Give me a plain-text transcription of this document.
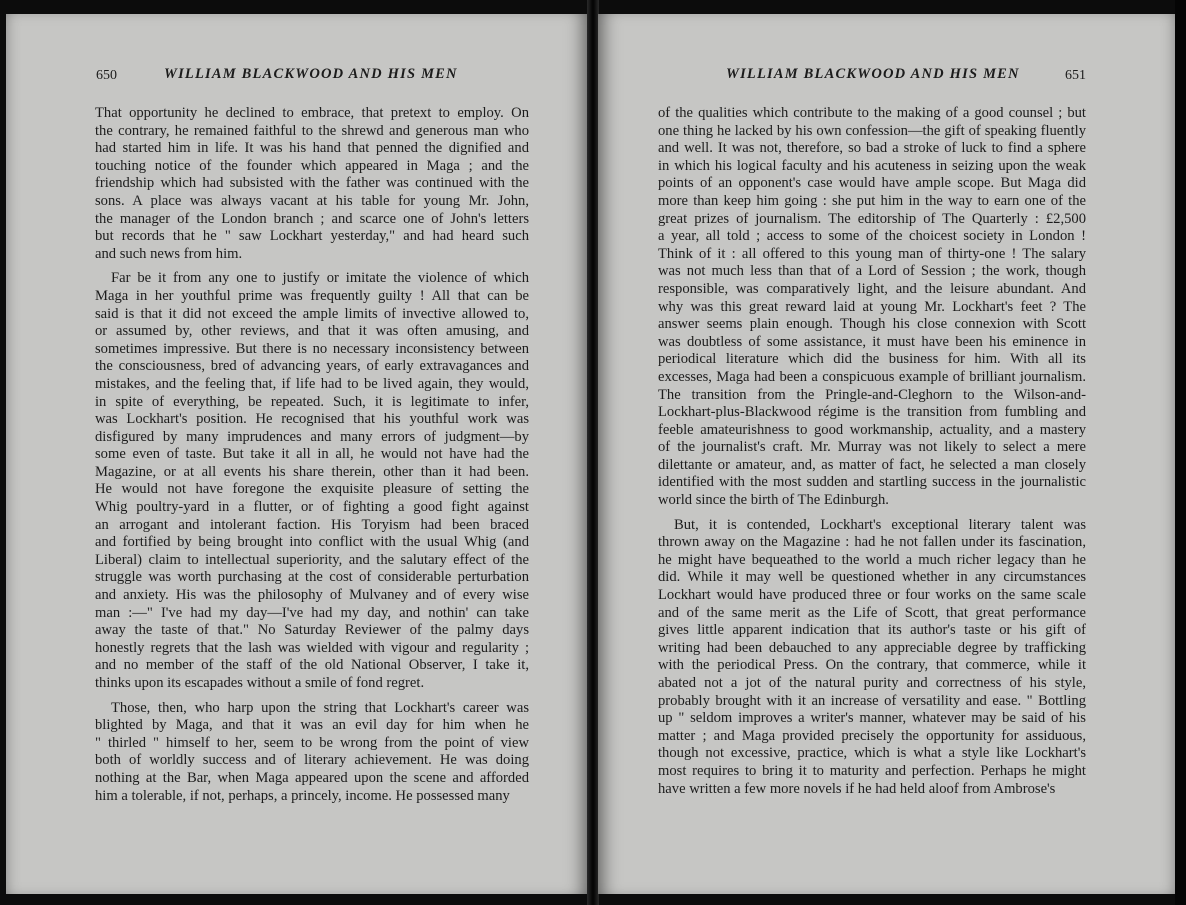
650	WILLIAM BLACKWOOD AND HIS MEN
That opportunity he declined to embrace, that pretext to employ. On
the contrary, he remained faithful to the shrewd and generous man who
had started him in life. It was his hand that penned the dignified and
touching notice of the founder which appeared in Maga ; and the
friendship which had subsisted with the father was continued with the
sons. A place was always vacant at his table for young Mr. John,
the manager of the London branch ; and scarce one of John's letters
but records that he " saw Lockhart yesterday," and had heard such
and such news from him.
Far be it from any one to justify or imitate the violence of which
Maga in her youthful prime was frequently guilty ! All that can be
said is that it did not exceed the ample limits of invective allowed to,
or assumed by, other reviews, and that it was often amusing, and
sometimes impressive. But there is no necessary inconsistency between
the consciousness, bred of advancing years, of early extravagances and
mistakes, and the feeling that, if life had to be lived again, they would,
in spite of everything, be repeated. Such, it is legitimate to infer,
was Lockhart's position. He recognised that his youthful work was
disfigured by many imprudences and many errors of judgment—by
some even of taste. But take it all in all, he would not have had the
Magazine, or at all events his share therein, other than it had been.
He would not have foregone the exquisite pleasure of setting the
Whig poultry-yard in a flutter, or of fighting a good fight against
an arrogant and intolerant faction. His Toryism had been braced
and fortified by being brought into conflict with the usual Whig (and
Liberal) claim to intellectual superiority, and the salutary effect of the
struggle was worth purchasing at the cost of considerable perturbation
and anxiety. His was the philosophy of Mulvaney and of every wise
man :—" I've had my day—I've had my day, and nothin' can take
away the taste of that." No Saturday Reviewer of the palmy days
honestly regrets that the lash was wielded with vigour and regularity ;
and no member of the staff of the old National Observer, I take it,
thinks upon its escapades without a smile of fond regret.
Those, then, who harp upon the string that Lockhart's career was
blighted by Maga, and that it was an evil day for him when he
" thirled " himself to her, seem to be wrong from the point of view
both of worldly success and of literary achievement. He was doing
nothing at the Bar, when Maga appeared upon the scene and afforded
him a tolerable, if not, perhaps, a princely, income. He possessed many
WILLIAM BLACKWOOD AND HIS MEN	651
of the qualities which contribute to the making of a good counsel ; but
one thing he lacked by his own confession—the gift of speaking fluently
and well. It was not, therefore, so bad a stroke of luck to find a sphere
in which his logical faculty and his acuteness in seizing upon the weak
points of an opponent's case would have ample scope. But Maga did
more than keep him going : she put him in the way to earn one of the
great prizes of journalism. The editorship of The Quarterly : £2,500
a year, all told ; access to some of the choicest society in London !
Think of it : all offered to this young man of thirty-one ! The salary
was not much less than that of a Lord of Session ; the work, though
responsible, was comparatively light, and the leisure abundant. And
why was this great reward laid at young Mr. Lockhart's feet ? The
answer seems plain enough. Though his close connexion with Scott
was doubtless of some assistance, it must have been his eminence in
periodical literature which did the business for him. With all its
excesses, Maga had been a conspicuous example of brilliant journalism.
The transition from the Pringle-and-Cleghorn to the Wilson-and-
Lockhart-plus-Blackwood régime is the transition from fumbling and
feeble amateurishness to good workmanship, actuality, and a mastery
of the journalist's craft. Mr. Murray was not likely to select a mere
dilettante or amateur, and, as matter of fact, he selected a man closely
identified with the most sudden and startling success in the journalistic
world since the birth of The Edinburgh.
But, it is contended, Lockhart's exceptional literary talent was
thrown away on the Magazine : had he not fallen under its fascination,
he might have bequeathed to the world a much richer legacy than he
did. While it may well be questioned whether in any circumstances
Lockhart would have produced three or four works on the same scale
and of the same merit as the Life of Scott, that great performance
gives little apparent indication that its author's taste or his gift of
writing had been debauched to any appreciable degree by trafficking
with the periodical Press. On the contrary, that commerce, while it
abated not a jot of the natural purity and correctness of his style,
probably brought with it an increase of versatility and ease. " Bottling
up " seldom improves a writer's manner, whatever may be said of his
matter ; and Maga provided precisely the opportunity for assiduous,
though not excessive, practice, which is what a style like Lockhart's
most requires to bring it to maturity and perfection. Perhaps he might
have written a few more novels if he had held aloof from Ambrose's
